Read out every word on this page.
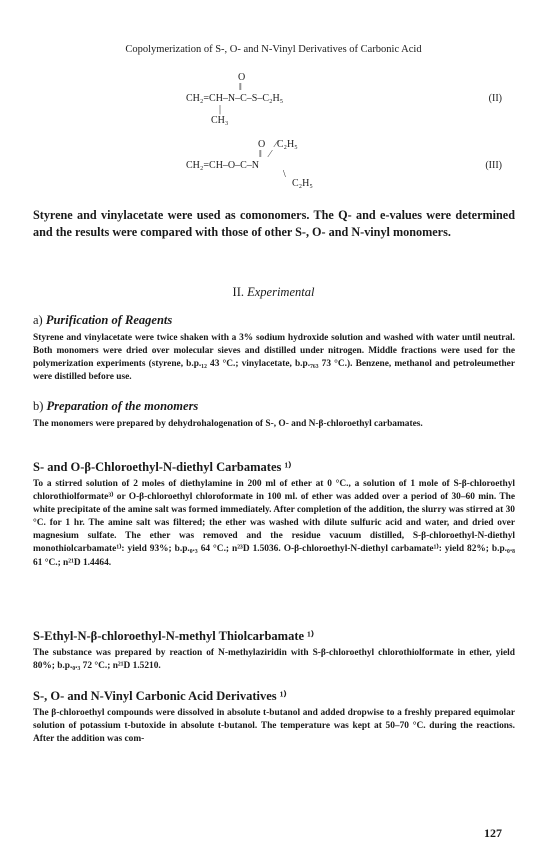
Copolymerization of S-, O- and N-Vinyl Derivatives of Carbonic Acid
O
‖
CH₂=CH–N–C–S–C₂H₅
|
CH₃
(II)
O    ⁄C₂H₅
‖   ⁄
CH₂=CH–O–C–N
\
C₂H₅
(III)

Styrene and vinylacetate were used as comonomers. The Q- and e-values were determined and the results were compared with those of other S-, O- and N-vinyl monomers.

II. Experimental
a) Purification of Reagents

Styrene and vinylacetate were twice shaken with a 3% sodium hydroxide solution and washed with water until neutral. Both monomers were dried over molecular sieves and distilled under nitrogen. Middle fractions were used for the polymerization experiments (styrene, b.p.₁₂ 43 °C.; vinylacetate, b.p.₇₆₃ 73 °C.). Benzene, methanol and petroleumether were distilled before use.

b) Preparation of the monomers

The monomers were prepared by dehydrohalogenation of S-, O- and N-β-chloroethyl carbamates.

S- and O-β-Chloroethyl-N-diethyl Carbamates ¹⁾

To a stirred solution of 2 moles of diethylamine in 200 ml of ether at 0 °C., a solution of 1 mole of S-β-chloroethyl chlorothiolformate³⁾ or O-β-chloroethyl chloroformate in 100 ml. of ether was added over a period of 30–60 min. The white precipitate of the amine salt was formed immediately. After completion of the addition, the slurry was stirred at 30 °C. for 1 hr. The amine salt was filtered; the ether was washed with dilute sulfuric acid and water, and dried over magnesium sulfate. The ether was removed and the residue vacuum distilled, S-β-chloroethyl-N-diethyl monothiolcarbamate¹⁾: yield 93%; b.p.₀.₃ 64 °C.; n²³D 1.5036. O-β-chloroethyl-N-diethyl carbamate¹⁾: yield 82%; b.p.₀.₈ 61 °C.; n²¹D 1.4464.

S-Ethyl-N-β-chloroethyl-N-methyl Thiolcarbamate ¹⁾

The substance was prepared by reaction of N-methylaziridin with S-β-chloroethyl chlorothiolformate in ether, yield 80%; b.p.₀.₃ 72 °C.; n²¹D 1.5210.

S-, O- and N-Vinyl Carbonic Acid Derivatives ¹⁾

The β-chloroethyl compounds were dissolved in absolute t-butanol and added dropwise to a freshly prepared equimolar solution of potassium t-butoxide in absolute t-butanol. The temperature was kept at 50–70 °C. during the reactions. After the addition was com-

127
